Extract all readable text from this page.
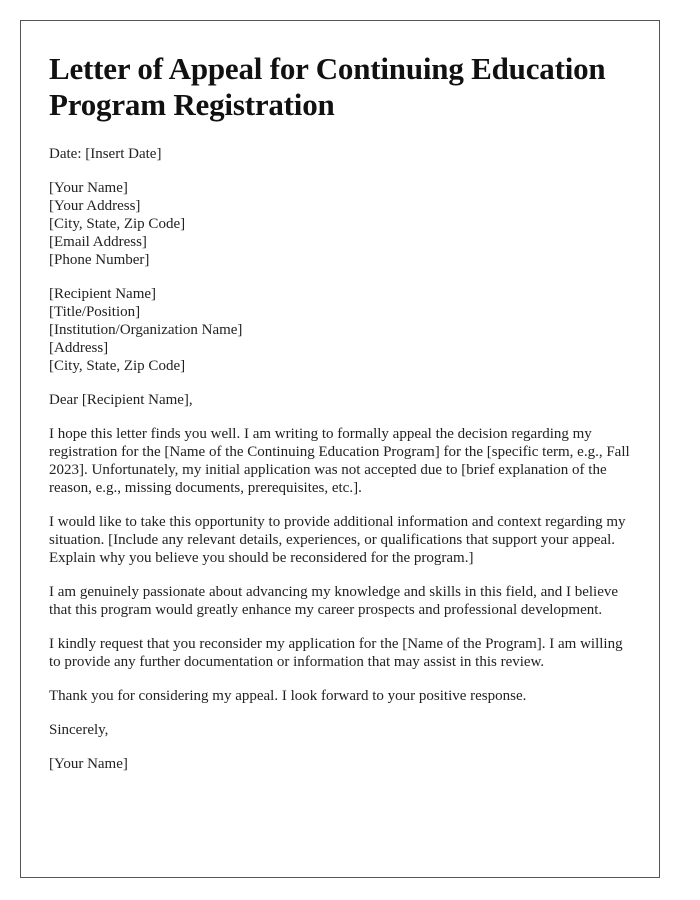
Letter of Appeal for Continuing Education Program Registration
Date: [Insert Date]
[Your Name]
[Your Address]
[City, State, Zip Code]
[Email Address]
[Phone Number]
[Recipient Name]
[Title/Position]
[Institution/Organization Name]
[Address]
[City, State, Zip Code]

Dear [Recipient Name],

I hope this letter finds you well. I am writing to formally appeal the decision regarding my registration for the [Name of the Continuing Education Program] for the [specific term, e.g., Fall 2023]. Unfortunately, my initial application was not accepted due to [brief explanation of the reason, e.g., missing documents, prerequisites, etc.].

I would like to take this opportunity to provide additional information and context regarding my situation. [Include any relevant details, experiences, or qualifications that support your appeal. Explain why you believe you should be reconsidered for the program.]

I am genuinely passionate about advancing my knowledge and skills in this field, and I believe that this program would greatly enhance my career prospects and professional development.

I kindly request that you reconsider my application for the [Name of the Program]. I am willing to provide any further documentation or information that may assist in this review.

Thank you for considering my appeal. I look forward to your positive response.

Sincerely,

[Your Name]
